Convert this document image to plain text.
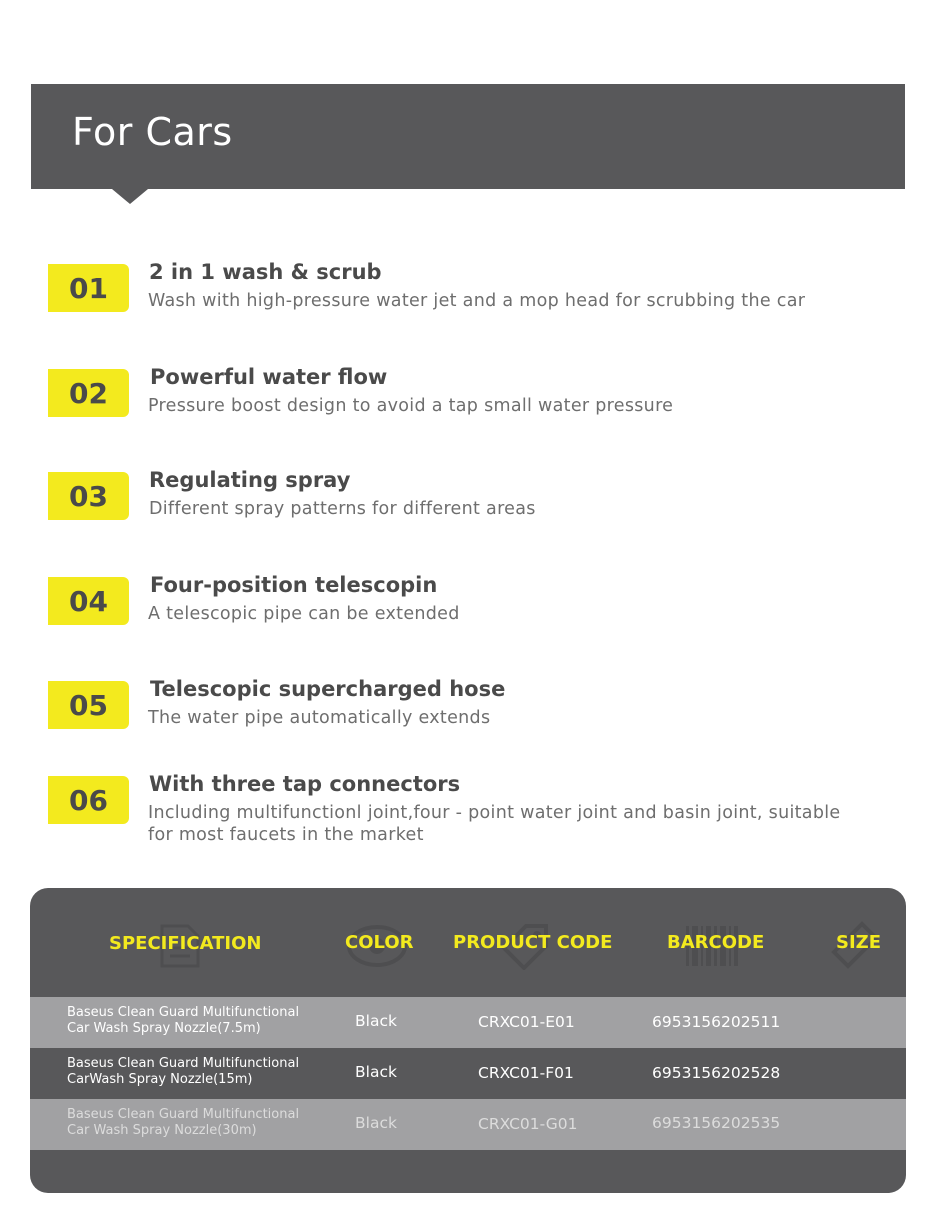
For Cars
01	2 in 1 wash & scrub
Wash with high-pressure water jet and a mop head for scrubbing the car
02	Powerful water flow
Pressure boost design to avoid a tap small water pressure
03	Regulating spray
Different spray patterns for different areas
04	Four-position telescopin
A telescopic pipe can be extended
05	Telescopic supercharged hose
The water pipe automatically extends
06	With three tap connectors
Including multifunctionl joint,four - point water joint and basin joint, suitable
for most faucets in the market
SPECIFICATION	COLOR PRODUCT CODE	BARCODE	SIZE
Baseus Clean Guard Multifunctional
Car Wash Spray Nozzle(7.5m)	Black	CRXC01-E01	6953156202511
Baseus Clean Guard Multifunctional
CarWash Spray Nozzle(15m)	Black	CRXC01-F01	6953156202528
Baseus Clean Guard Multifunctional
Car Wash Spray Nozzle(30m)	Black	CRXC01-G01	6953156202535
